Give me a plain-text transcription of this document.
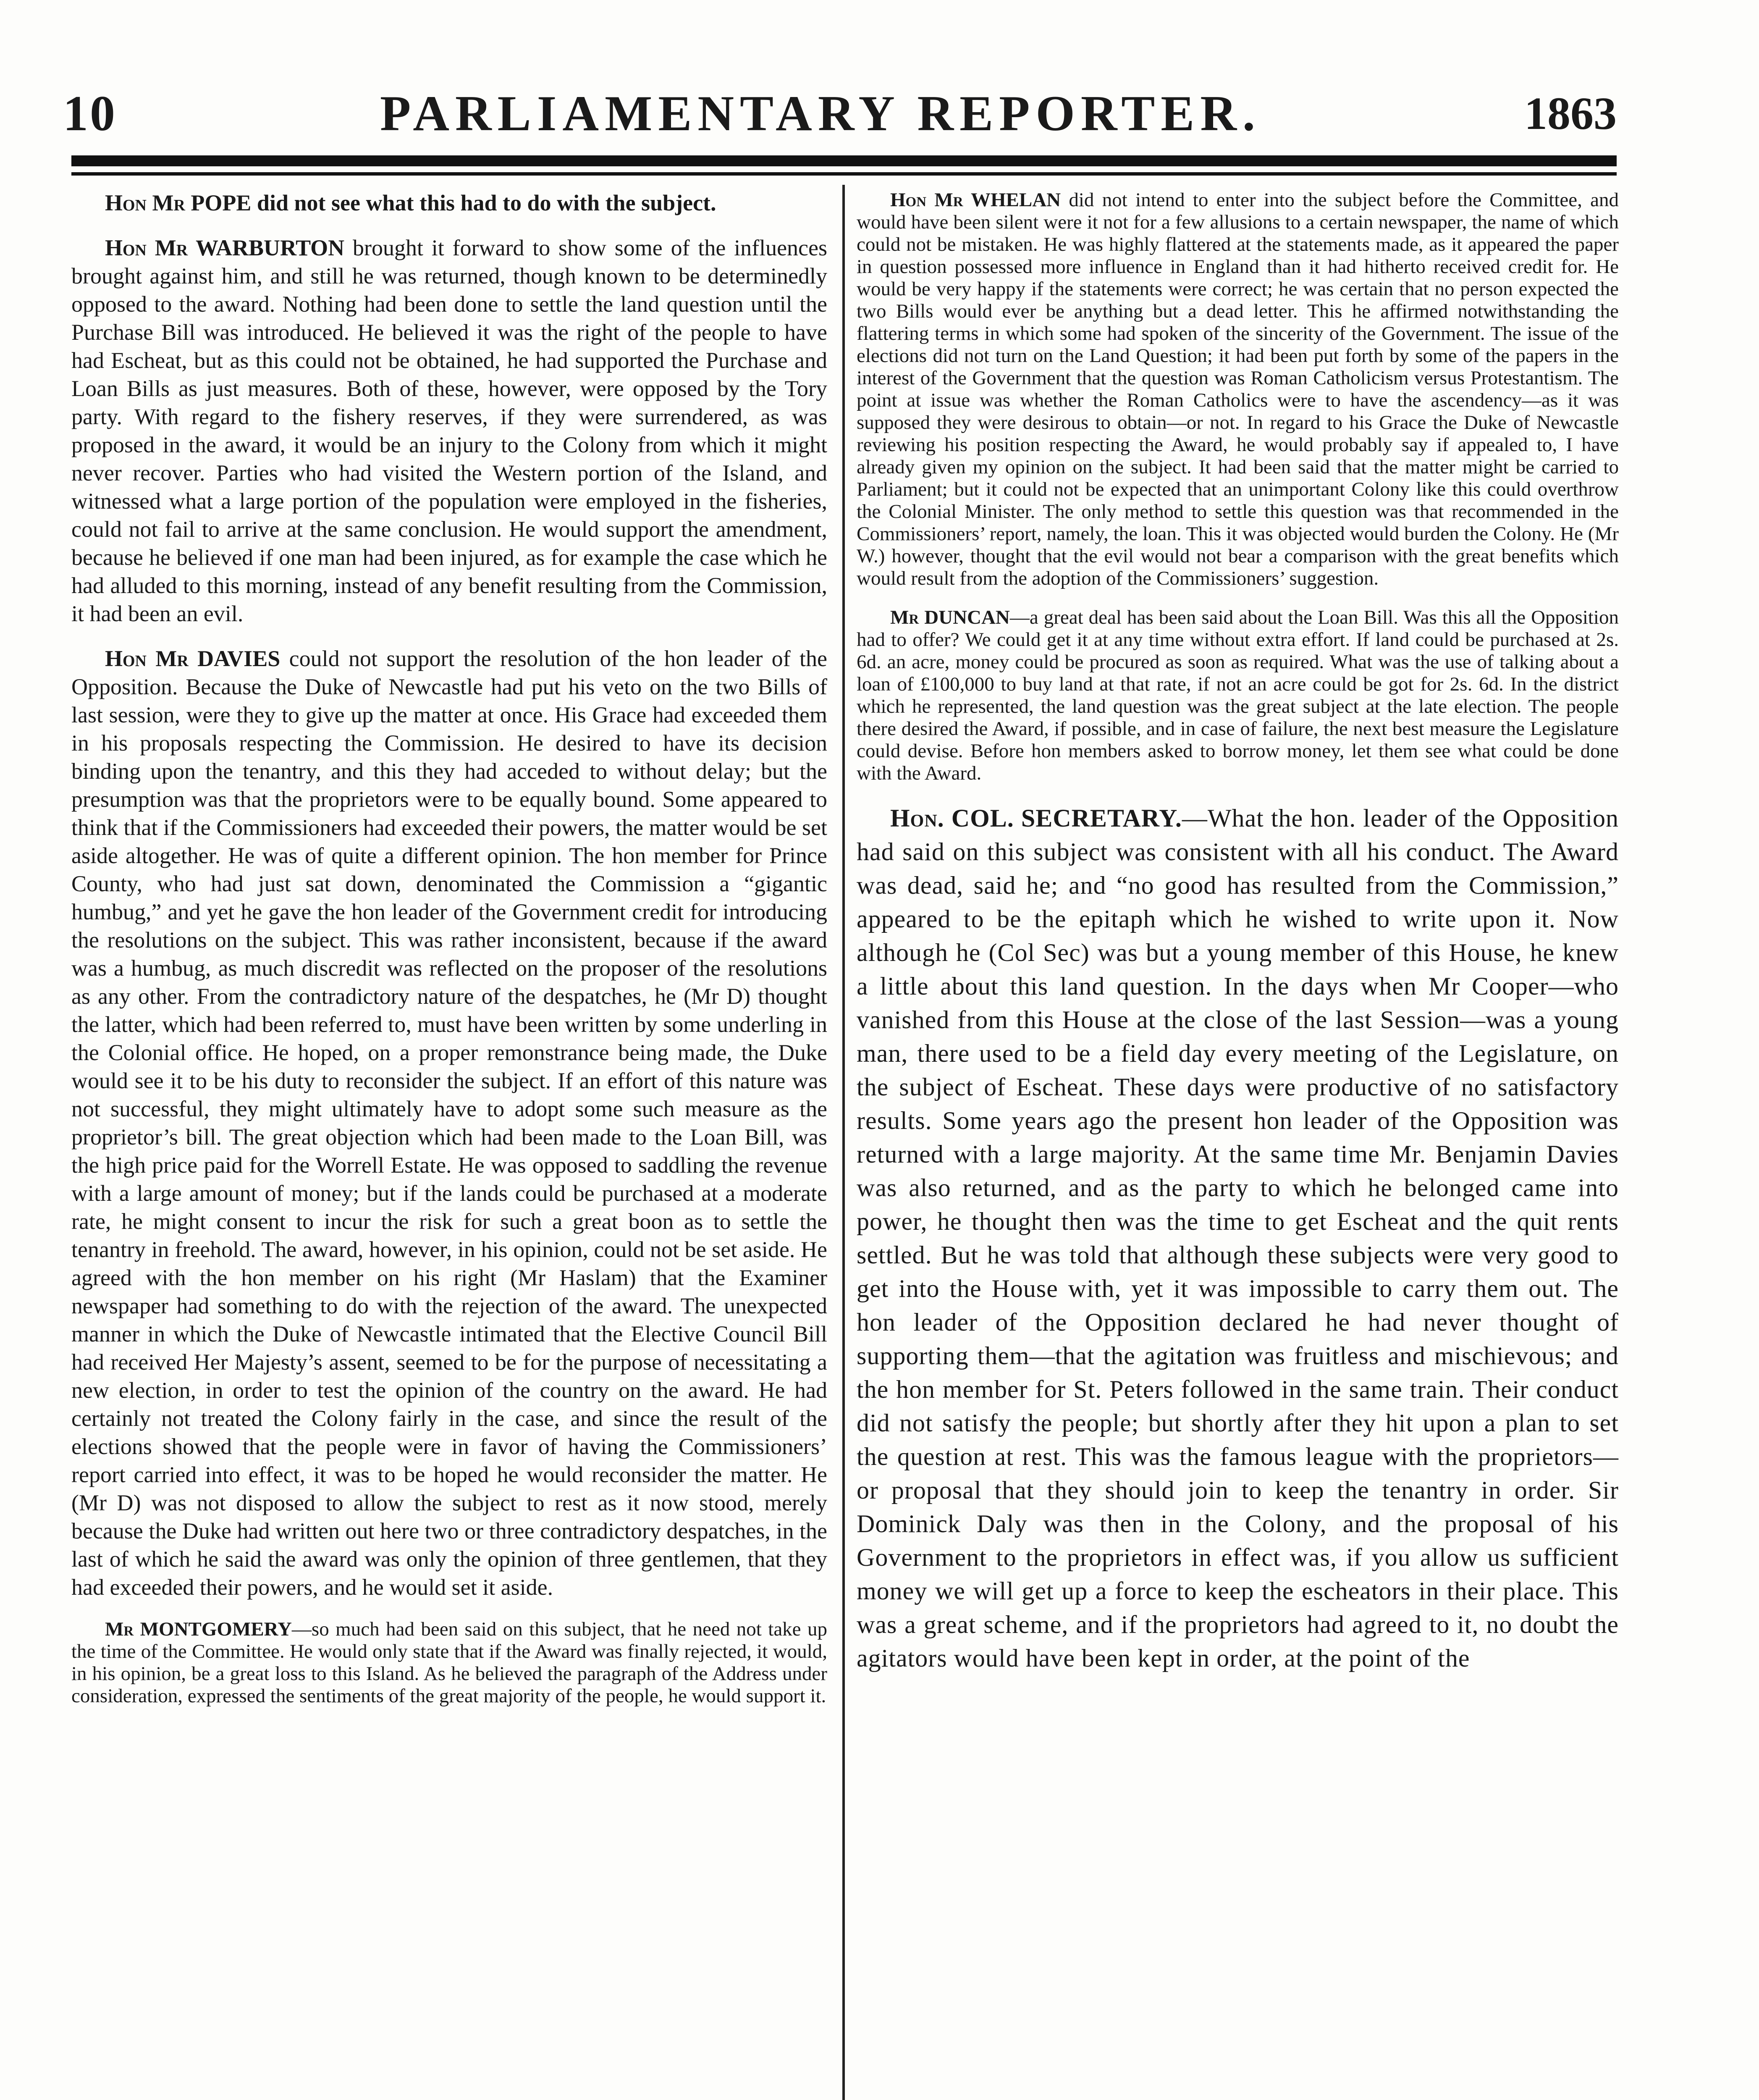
10	PARLIAMENTARY REPORTER.	1863

Hon Mr POPE did not see what this had to do with the subject.

Hon Mr WARBURTON brought it forward to show some of the influences brought against him, and still he was returned, though known to be determinedly opposed to the award. Nothing had been done to settle the land question until the Purchase Bill was introduced. He believed it was the right of the people to have had Escheat, but as this could not be obtained, he had supported the Purchase and Loan Bills as just measures. Both of these, however, were opposed by the Tory party. With regard to the fishery reserves, if they were surrendered, as was proposed in the award, it would be an injury to the Colony from which it might never recover. Parties who had visited the Western portion of the Island, and witnessed what a large portion of the population were employed in the fisheries, could not fail to arrive at the same conclusion. He would support the amendment, because he believed if one man had been injured, as for example the case which he had alluded to this morning, instead of any benefit resulting from the Commission, it had been an evil.

Hon Mr DAVIES could not support the resolution of the hon leader of the Opposition. Because the Duke of Newcastle had put his veto on the two Bills of last session, were they to give up the matter at once. His Grace had exceeded them in his proposals respecting the Commission. He desired to have its decision binding upon the tenantry, and this they had acceded to without delay; but the presumption was that the proprietors were to be equally bound. Some appeared to think that if the Commissioners had exceeded their powers, the matter would be set aside altogether. He was of quite a different opinion. The hon member for Prince County, who had just sat down, denominated the Commission a “gigantic humbug,” and yet he gave the hon leader of the Government credit for introducing the resolutions on the subject. This was rather inconsistent, because if the award was a humbug, as much discredit was reflected on the proposer of the resolutions as any other. From the contradictory nature of the despatches, he (Mr D) thought the latter, which had been referred to, must have been written by some underling in the Colonial office. He hoped, on a proper remonstrance being made, the Duke would see it to be his duty to reconsider the subject. If an effort of this nature was not successful, they might ultimately have to adopt some such measure as the proprietor’s bill. The great objection which had been made to the Loan Bill, was the high price paid for the Worrell Estate. He was opposed to saddling the revenue with a large amount of money; but if the lands could be purchased at a moderate rate, he might consent to incur the risk for such a great boon as to settle the tenantry in freehold. The award, however, in his opinion, could not be set aside. He agreed with the hon member on his right (Mr Haslam) that the Examiner newspaper had something to do with the rejection of the award. The unexpected manner in which the Duke of Newcastle intimated that the Elective Council Bill had received Her Majesty’s assent, seemed to be for the purpose of necessitating a new election, in order to test the opinion of the country on the award. He had certainly not treated the Colony fairly in the case, and since the result of the elections showed that the people were in favor of having the Commissioners’ report carried into effect, it was to be hoped he would reconsider the matter. He (Mr D) was not disposed to allow the subject to rest as it now stood, merely because the Duke had written out here two or three contradictory despatches, in the last of which he said the award was only the opinion of three gentlemen, that they had exceeded their powers, and he would set it aside.

Mr MONTGOMERY—so much had been said on this subject, that he need not take up the time of the Committee. He would only state that if the Award was finally rejected, it would, in his opinion, be a great loss to this Island. As he believed the paragraph of the Address under consideration, expressed the sentiments of the great majority of the people, he would support it.

Hon Mr WHELAN did not intend to enter into the subject before the Committee, and would have been silent were it not for a few allusions to a certain newspaper, the name of which could not be mistaken. He was highly flattered at the statements made, as it appeared the paper in question possessed more influence in England than it had hitherto received credit for. He would be very happy if the statements were correct; he was certain that no person expected the two Bills would ever be anything but a dead letter. This he affirmed notwithstanding the flattering terms in which some had spoken of the sincerity of the Government. The issue of the elections did not turn on the Land Question; it had been put forth by some of the papers in the interest of the Government that the question was Roman Catholicism versus Protestantism. The point at issue was whether the Roman Catholics were to have the ascendency—as it was supposed they were desirous to obtain—or not. In regard to his Grace the Duke of Newcastle reviewing his position respecting the Award, he would probably say if appealed to, I have already given my opinion on the subject. It had been said that the matter might be carried to Parliament; but it could not be expected that an unimportant Colony like this could overthrow the Colonial Minister. The only method to settle this question was that recommended in the Commissioners’ report, namely, the loan. This it was objected would burden the Colony. He (Mr W.) however, thought that the evil would not bear a comparison with the great benefits which would result from the adoption of the Commissioners’ suggestion.

Mr DUNCAN—a great deal has been said about the Loan Bill. Was this all the Opposition had to offer? We could get it at any time without extra effort. If land could be purchased at 2s. 6d. an acre, money could be procured as soon as required. What was the use of talking about a loan of £100,000 to buy land at that rate, if not an acre could be got for 2s. 6d. In the district which he represented, the land question was the great subject at the late election. The people there desired the Award, if possible, and in case of failure, the next best measure the Legislature could devise. Before hon members asked to borrow money, let them see what could be done with the Award.

Hon. COL. SECRETARY.—What the hon. leader of the Opposition had said on this subject was consistent with all his conduct. The Award was dead, said he; and “no good has resulted from the Commission,” appeared to be the epitaph which he wished to write upon it. Now although he (Col Sec) was but a young member of this House, he knew a little about this land question. In the days when Mr Cooper—who vanished from this House at the close of the last Session—was a young man, there used to be a field day every meeting of the Legislature, on the subject of Escheat. These days were productive of no satisfactory results. Some years ago the present hon leader of the Opposition was returned with a large majority. At the same time Mr. Benjamin Davies was also returned, and as the party to which he belonged came into power, he thought then was the time to get Escheat and the quit rents settled. But he was told that although these subjects were very good to get into the House with, yet it was impossible to carry them out. The hon leader of the Opposition declared he had never thought of supporting them—that the agitation was fruitless and mischievous; and the hon member for St. Peters followed in the same train. Their conduct did not satisfy the people; but shortly after they hit upon a plan to set the question at rest. This was the famous league with the proprietors—or proposal that they should join to keep the tenantry in order. Sir Dominick Daly was then in the Colony, and the proposal of his Government to the proprietors in effect was, if you allow us sufficient money we will get up a force to keep the escheators in their place. This was a great scheme, and if the proprietors had agreed to it, no doubt the agitators would have been kept in order, at the point of the
